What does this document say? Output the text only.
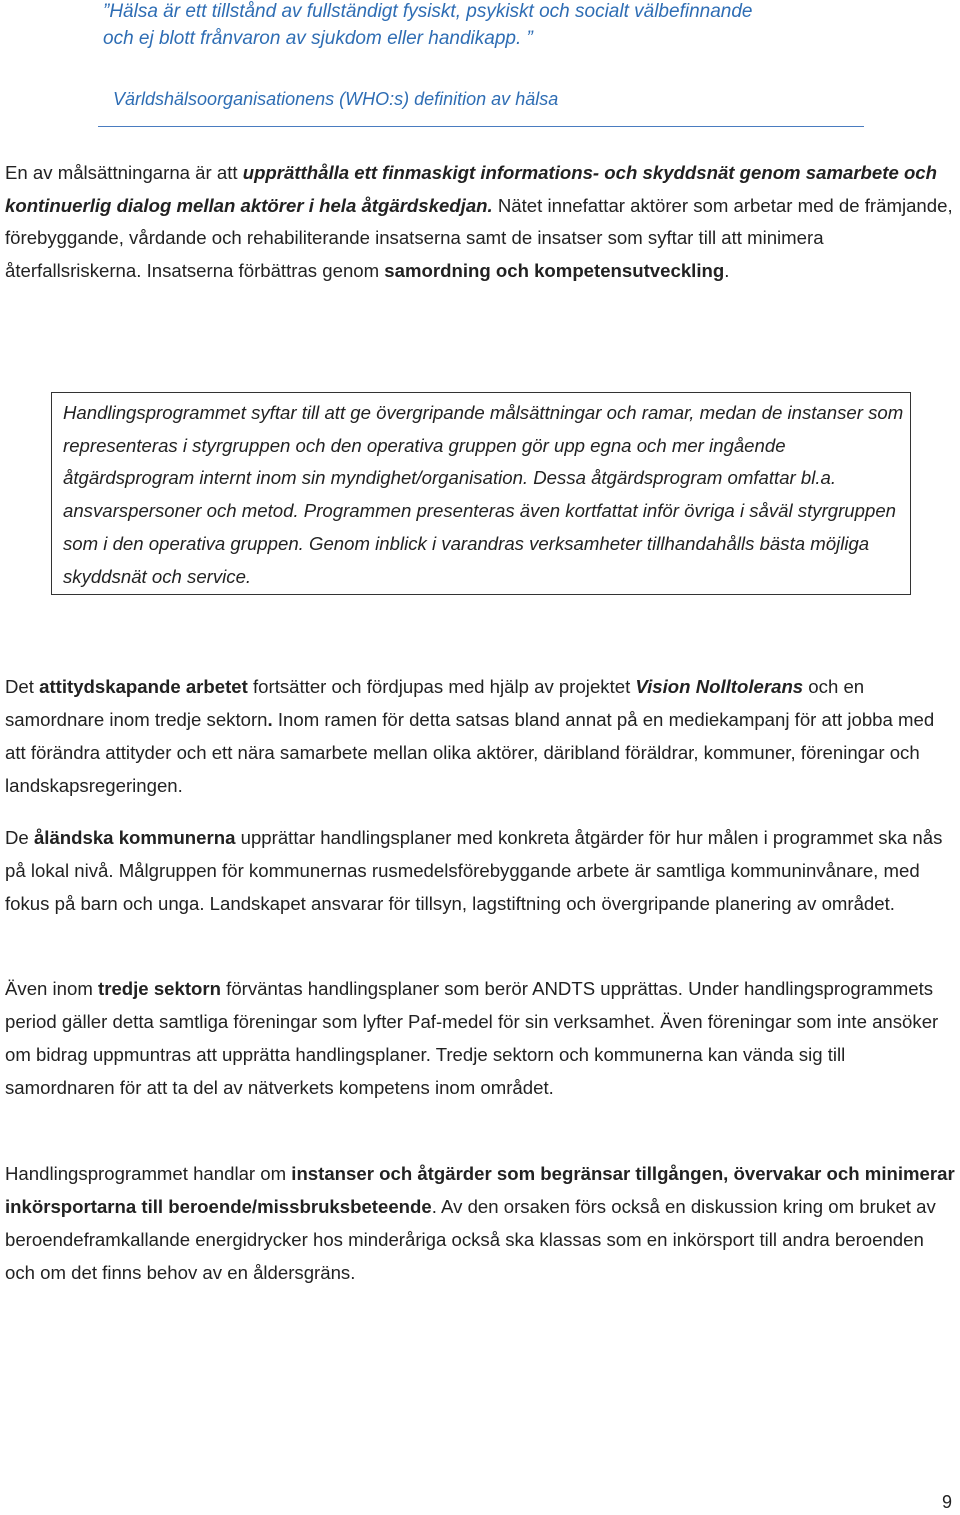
”Hälsa är ett tillstånd av fullständigt fysiskt, psykiskt och socialt välbefinnande
och ej blott frånvaron av sjukdom eller handikapp. ”
Världshälsoorganisationens (WHO:s) definition av hälsa
En av målsättningarna är att upprätthålla ett finmaskigt informations- och skyddsnät genom samarbete och kontinuerlig dialog mellan aktörer i hela åtgärdskedjan. Nätet innefattar aktörer som arbetar med de främjande, förebyggande, vårdande och rehabiliterande insatserna samt de insatser som syftar till att minimera återfallsriskerna. Insatserna förbättras genom samordning och kompetensutveckling.
Handlingsprogrammet syftar till att ge övergripande målsättningar och ramar, medan de instanser som representeras i styrgruppen och den operativa gruppen gör upp egna och mer ingående åtgärdsprogram internt inom sin myndighet/organisation. Dessa åtgärdsprogram omfattar bl.a. ansvarspersoner och metod. Programmen presenteras även kortfattat inför övriga i såväl styrgruppen som i den operativa gruppen. Genom inblick i varandras verksamheter tillhandahålls bästa möjliga skyddsnät och service.
Det attitydskapande arbetet fortsätter och fördjupas med hjälp av projektet Vision Nolltolerans och en samordnare inom tredje sektorn. Inom ramen för detta satsas bland annat på en mediekampanj för att jobba med att förändra attityder och ett nära samarbete mellan olika aktörer, däribland föräldrar, kommuner, föreningar och landskapsregeringen.
De åländska kommunerna upprättar handlingsplaner med konkreta åtgärder för hur målen i programmet ska nås på lokal nivå. Målgruppen för kommunernas rusmedelsförebyggande arbete är samtliga kommuninvånare, med fokus på barn och unga. Landskapet ansvarar för tillsyn, lagstiftning och övergripande planering av området.
Även inom tredje sektorn förväntas handlingsplaner som berör ANDTS upprättas. Under handlingsprogrammets period gäller detta samtliga föreningar som lyfter Paf-medel för sin verksamhet. Även föreningar som inte ansöker om bidrag uppmuntras att upprätta handlingsplaner. Tredje sektorn och kommunerna kan vända sig till samordnaren för att ta del av nätverkets kompetens inom området.
Handlingsprogrammet handlar om instanser och åtgärder som begränsar tillgången, övervakar och minimerar inkörsportarna till beroende/missbruksbeteende. Av den orsaken förs också en diskussion kring om bruket av beroendeframkallande energidrycker hos minderåriga också ska klassas som en inkörsport till andra beroenden och om det finns behov av en åldersgräns.
9
